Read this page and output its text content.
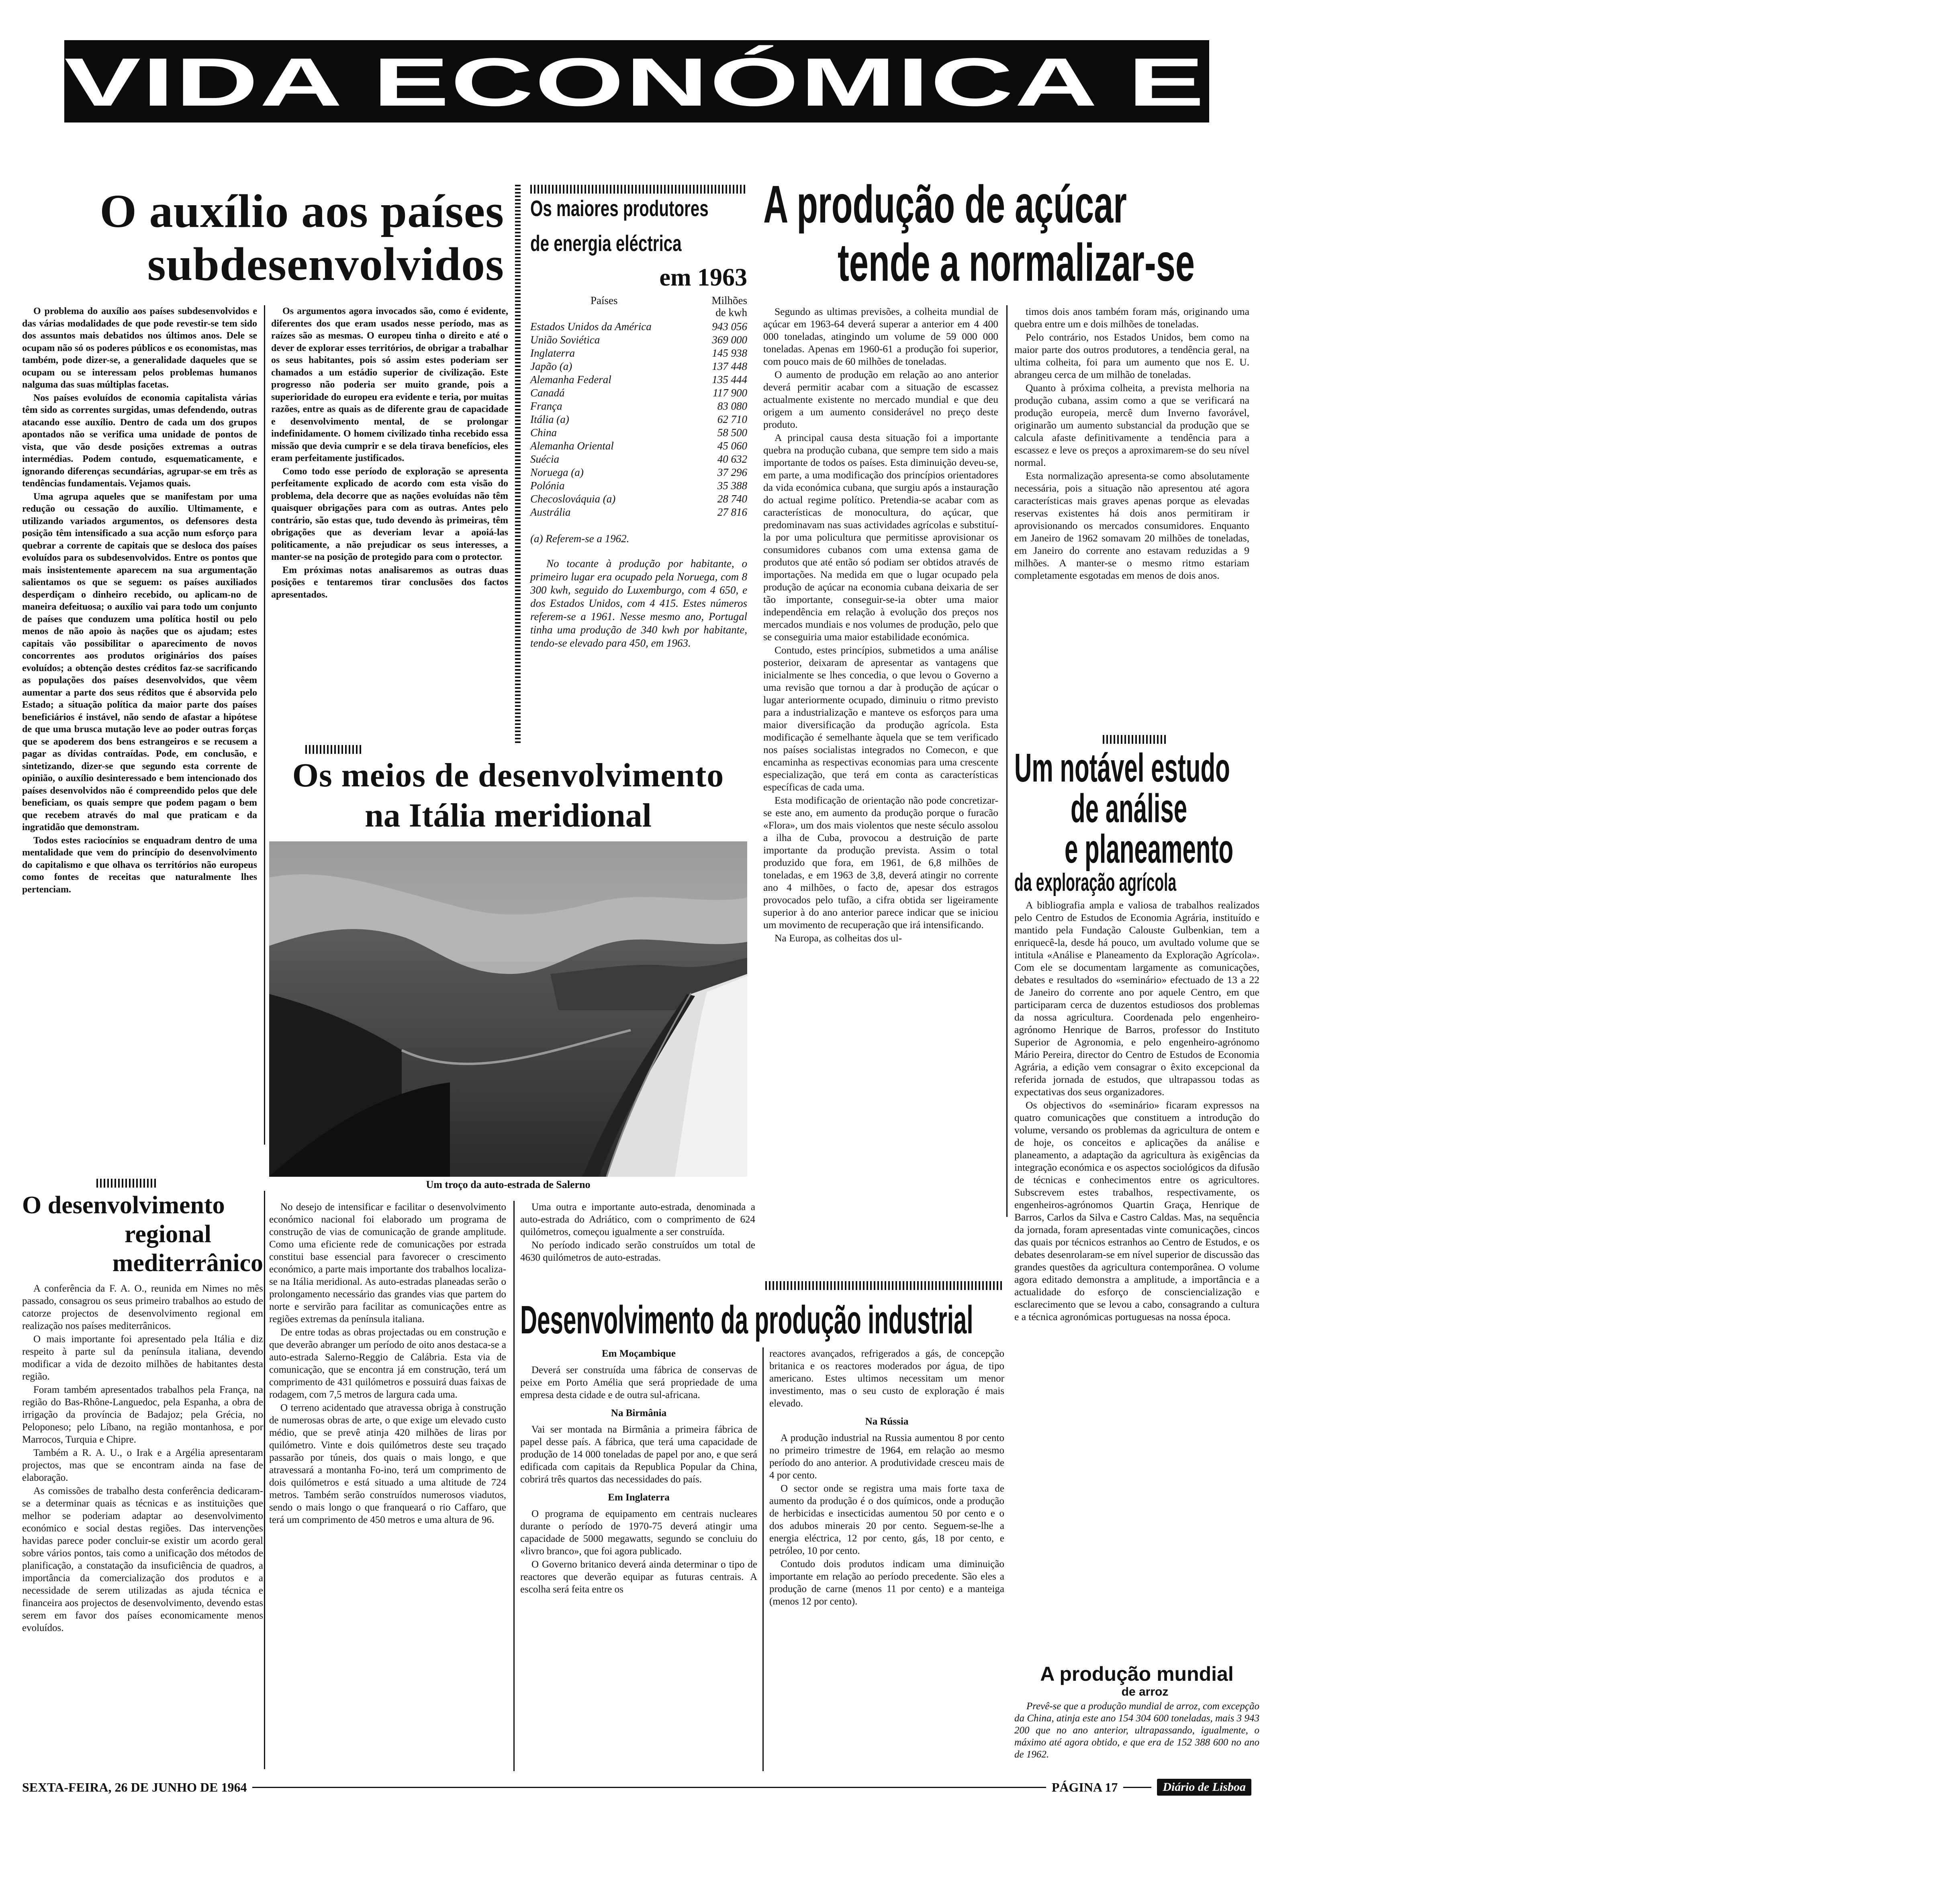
VIDA ECONÓMICA E FINANCEIRA
O auxílio aos países subdesenvolvidos

O problema do auxílio aos países subdesenvolvidos e das várias modalidades de que pode revestir-se tem sido dos assuntos mais debatidos nos últimos anos. Dele se ocupam não só os poderes públicos e os economistas, mas também, pode dizer-se, a generalidade daqueles que se ocupam ou se interessam pelos problemas humanos nalguma das suas múltiplas facetas.

Nos países evoluídos de economia capitalista várias têm sido as correntes surgidas, umas defendendo, outras atacando esse auxílio. Dentro de cada um dos grupos apontados não se verifica uma unidade de pontos de vista, que vão desde posições extremas a outras intermédias. Podem contudo, esquematicamente, e ignorando diferenças secundárias, agrupar-se em três as tendências fundamentais. Vejamos quais.

Uma agrupa aqueles que se manifestam por uma redução ou cessação do auxílio. Ultimamente, e utilizando variados argumentos, os defensores desta posição têm intensificado a sua acção num esforço para quebrar a corrente de capitais que se desloca dos países evoluídos para os subdesenvolvidos. Entre os pontos que mais insistentemente aparecem na sua argumentação salientamos os que se seguem: os países auxiliados desperdiçam o dinheiro recebido, ou aplicam-no de maneira defeituosa; o auxílio vai para todo um conjunto de países que conduzem uma política hostil ou pelo menos de não apoio às nações que os ajudam; estes capitais vão possibilitar o aparecimento de novos concorrentes aos produtos originários dos países evoluídos; a obtenção destes créditos faz-se sacrificando as populações dos países desenvolvidos, que vêem aumentar a parte dos seus réditos que é absorvida pelo Estado; a situação política da maior parte dos países beneficiários é instável, não sendo de afastar a hipótese de que uma brusca mutação leve ao poder outras forças que se apoderem dos bens estrangeiros e se recusem a pagar as dívidas contraídas. Pode, em conclusão, e sintetizando, dizer-se que segundo esta corrente de opinião, o auxílio desinteressado e bem intencionado dos países desenvolvidos não é compreendido pelos que dele beneficiam, os quais sempre que podem pagam o bem que recebem através do mal que praticam e da ingratidão que demonstram.

Todos estes raciocínios se enquadram dentro de uma mentalidade que vem do princípio do desenvolvimento do capitalismo e que olhava os territórios não europeus como fontes de receitas que naturalmente lhes pertenciam.

Os argumentos agora invocados são, como é evidente, diferentes dos que eram usados nesse período, mas as raízes são as mesmas. O europeu tinha o direito e até o dever de explorar esses territórios, de obrigar a trabalhar os seus habitantes, pois só assim estes poderiam ser chamados a um estádio superior de civilização. Este progresso não poderia ser muito grande, pois a superioridade do europeu era evidente e teria, por muitas razões, entre as quais as de diferente grau de capacidade e desenvolvimento mental, de se prolongar indefinidamente. O homem civilizado tinha recebido essa missão que devia cumprir e se dela tirava benefícios, eles eram perfeitamente justificados.

Como todo esse período de exploração se apresenta perfeitamente explicado de acordo com esta visão do problema, dela decorre que as nações evoluídas não têm quaisquer obrigações para com as outras. Antes pelo contrário, são estas que, tudo devendo às primeiras, têm obrigações que as deveriam levar a apoiá-las politicamente, a não prejudicar os seus interesses, a manter-se na posição de protegido para com o protector.

Em próximas notas analisaremos as outras duas posições e tentaremos tirar conclusões dos factos apresentados.

Os maiores produtores
de energia eléctrica
em 1963
Países	Milhões de kwh
Estados Unidos da América	943 056
União Soviética	369 000
Inglaterra	145 938
Japão (a)	137 448
Alemanha Federal	135 444
Canadá	117 900
França	83 080
Itália (a)	62 710
China	58 500
Alemanha Oriental	45 060
Suécia	40 632
Noruega (a)	37 296
Polónia	35 388
Checoslováquia (a)	28 740
Austrália	27 816
(a) Referem-se a 1962.
No tocante à produção por habitante, o primeiro lugar era ocupado pela Noruega, com 8 300 kwh, seguido do Luxemburgo, com 4 650, e dos Estados Unidos, com 4 415. Estes números referem-se a 1961. Nesse mesmo ano, Portugal tinha uma produção de 340 kwh por habitante, tendo-se elevado para 450, em 1963.
A produção de açúcar
tende a normalizar-se

Segundo as ultimas previsões, a colheita mundial de açúcar em 1963-64 deverá superar a anterior em 4 400 000 toneladas, atingindo um volume de 59 000 000 toneladas. Apenas em 1960-61 a produção foi superior, com pouco mais de 60 milhões de toneladas.

O aumento de produção em relação ao ano anterior deverá permitir acabar com a situação de escassez actualmente existente no mercado mundial e que deu origem a um aumento considerável no preço deste produto.

A principal causa desta situação foi a importante quebra na produção cubana, que sempre tem sido a mais importante de todos os países. Esta diminuição deveu-se, em parte, a uma modificação dos princípios orientadores da vida económica cubana, que surgiu após a instauração do actual regime político. Pretendia-se acabar com as características de monocultura, do açúcar, que predominavam nas suas actividades agrícolas e substituí-la por uma policultura que permitisse aprovisionar os consumidores cubanos com uma extensa gama de produtos que até então só podiam ser obtidos através de importações. Na medida em que o lugar ocupado pela produção de açúcar na economia cubana deixaria de ser tão importante, conseguir-se-ia obter uma maior independência em relação à evolução dos preços nos mercados mundiais e nos volumes de produção, pelo que se conseguiria uma maior estabilidade económica.

Contudo, estes princípios, submetidos a uma análise posterior, deixaram de apresentar as vantagens que inicialmente se lhes concedia, o que levou o Governo a uma revisão que tornou a dar à produção de açúcar o lugar anteriormente ocupado, diminuiu o ritmo previsto para a industrialização e manteve os esforços para uma maior diversificação da produção agrícola. Esta modificação é semelhante àquela que se tem verificado nos países socialistas integrados no Comecon, e que encaminha as respectivas economias para uma crescente especialização, que terá em conta as características específicas de cada uma.

Esta modificação de orientação não pode concretizar-se este ano, em aumento da produção porque o furacão «Flora», um dos mais violentos que neste século assolou a ilha de Cuba, provocou a destruição de parte importante da produção prevista. Assim o total produzido que fora, em 1961, de 6,8 milhões de toneladas, e em 1963 de 3,8, deverá atingir no corrente ano 4 milhões, o facto de, apesar dos estragos provocados pelo tufão, a cifra obtida ser ligeiramente superior à do ano anterior parece indicar que se iniciou um movimento de recuperação que irá intensificando.

Na Europa, as colheitas dos ul-

timos dois anos também foram más, originando uma quebra entre um e dois milhões de toneladas.

Pelo contrário, nos Estados Unidos, bem como na maior parte dos outros produtores, a tendência geral, na ultima colheita, foi para um aumento que nos E. U. abrangeu cerca de um milhão de toneladas.

Quanto à próxima colheita, a prevista melhoria na produção cubana, assim como a que se verificará na produção europeia, mercê dum Inverno favorável, originarão um aumento substancial da produção que se calcula afaste definitivamente a tendência para a escassez e leve os preços a aproximarem-se do seu nível normal.

Esta normalização apresenta-se como absolutamente necessária, pois a situação não apresentou até agora características mais graves apenas porque as elevadas reservas existentes há dois anos permitiram ir aprovisionando os mercados consumidores. Enquanto em Janeiro de 1962 somavam 20 milhões de toneladas, em Janeiro do corrente ano estavam reduzidas a 9 milhões. A manter-se o mesmo ritmo estariam completamente esgotadas em menos de dois anos.

Os meios de desenvolvimento
na Itália meridional
Um troço da auto-estrada de Salerno

No desejo de intensificar e facilitar o desenvolvimento económico nacional foi elaborado um programa de construção de vias de comunicação de grande amplitude. Como uma eficiente rede de comunicações por estrada constitui base essencial para favorecer o crescimento económico, a parte mais importante dos trabalhos localiza-se na Itália meridional. As auto-estradas planeadas serão o prolongamento necessário das grandes vias que partem do norte e servirão para facilitar as comunicações entre as regiões extremas da península italiana.

De entre todas as obras projectadas ou em construção e que deverão abranger um período de oito anos destaca-se a auto-estrada Salerno-Reggio de Calábria. Esta via de comunicação, que se encontra já em construção, terá um comprimento de 431 quilómetros e possuirá duas faixas de rodagem, com 7,5 metros de largura cada uma.

O terreno acidentado que atravessa obriga à construção de numerosas obras de arte, o que exige um elevado custo médio, que se prevê atinja 420 milhões de liras por quilómetro. Vinte e dois quilómetros deste seu traçado passarão por túneis, dos quais o mais longo, e que atravessará a montanha Fo-ino, terá um comprimento de dois quilómetros e está situado a uma altitude de 724 metros. Também serão construídos numerosos viadutos, sendo o mais longo o que franqueará o rio Caffaro, que terá um comprimento de 450 metros e uma altura de 96.

Uma outra e importante auto-estrada, denominada a auto-estrada do Adriático, com o comprimento de 624 quilómetros, começou igualmente a ser construída.

No período indicado serão construídos um total de 4630 quilómetros de auto-estradas.

O desenvolvimento
regional
mediterrânico

A conferência da F. A. O., reunida em Nimes no mês passado, consagrou os seus primeiro trabalhos ao estudo de catorze projectos de desenvolvimento regional em realização nos países mediterrânicos.

O mais importante foi apresentado pela Itália e diz respeito à parte sul da península italiana, devendo modificar a vida de dezoito milhões de habitantes desta região.

Foram também apresentados trabalhos pela França, na região do Bas-Rhône-Languedoc, pela Espanha, a obra de irrigação da província de Badajoz; pela Grécia, no Peloponeso; pelo Líbano, na região montanhosa, e por Marrocos, Turquia e Chipre.

Também a R. A. U., o Irak e a Argélia apresentaram projectos, mas que se encontram ainda na fase de elaboração.

As comissões de trabalho desta conferência dedicaram-se a determinar quais as técnicas e as instituições que melhor se poderiam adaptar ao desenvolvimento económico e social destas regiões. Das intervenções havidas parece poder concluir-se existir um acordo geral sobre vários pontos, tais como a unificação dos métodos de planificação, a constatação da insuficiência de quadros, a importância da comercialização dos produtos e a necessidade de serem utilizadas as ajuda técnica e financeira aos projectos de desenvolvimento, devendo estas serem em favor dos países economicamente menos evoluídos.

Desenvolvimento da produção industrial
Em Moçambique

Deverá ser construída uma fábrica de conservas de peixe em Porto Amélia que será propriedade de uma empresa desta cidade e de outra sul-africana.

Na Birmânia

Vai ser montada na Birmânia a primeira fábrica de papel desse país. A fábrica, que terá uma capacidade de produção de 14 000 toneladas de papel por ano, e que será edificada com capitais da Republica Popular da China, cobrirá três quartos das necessidades do país.

Em Inglaterra

O programa de equipamento em centrais nucleares durante o período de 1970-75 deverá atingir uma capacidade de 5000 megawatts, segundo se concluiu do «livro branco», que foi agora publicado.

O Governo britanico deverá ainda determinar o tipo de reactores que deverão equipar as futuras centrais. A escolha será feita entre os

reactores avançados, refrigerados a gás, de concepção britanica e os reactores moderados por água, de tipo americano. Estes ultimos necessitam um menor investimento, mas o seu custo de exploração é mais elevado.

Na Rússia

A produção industrial na Russia aumentou 8 por cento no primeiro trimestre de 1964, em relação ao mesmo período do ano anterior. A produtividade cresceu mais de 4 por cento.

O sector onde se registra uma mais forte taxa de aumento da produção é o dos químicos, onde a produção de herbicidas e insecticidas aumentou 50 por cento e o dos adubos minerais 20 por cento. Seguem-se-lhe a energia eléctrica, 12 por cento, gás, 18 por cento, e petróleo, 10 por cento.

Contudo dois produtos indicam uma diminuição importante em relação ao período precedente. São eles a produção de carne (menos 11 por cento) e a manteiga (menos 12 por cento).

Um notável estudo
de análise
e planeamento
da exploração agrícola

A bibliografia ampla e valiosa de trabalhos realizados pelo Centro de Estudos de Economia Agrária, instituído e mantido pela Fundação Calouste Gulbenkian, tem a enriquecê-la, desde há pouco, um avultado volume que se intitula «Análise e Planeamento da Exploração Agrícola». Com ele se documentam largamente as comunicações, debates e resultados do «seminário» efectuado de 13 a 22 de Janeiro do corrente ano por aquele Centro, em que participaram cerca de duzentos estudiosos dos problemas da nossa agricultura. Coordenada pelo engenheiro-agrónomo Henrique de Barros, professor do Instituto Superior de Agronomia, e pelo engenheiro-agrónomo Mário Pereira, director do Centro de Estudos de Economia Agrária, a edição vem consagrar o êxito excepcional da referida jornada de estudos, que ultrapassou todas as expectativas dos seus organizadores.

Os objectivos do «seminário» ficaram expressos na quatro comunicações que constituem a introdução do volume, versando os problemas da agricultura de ontem e de hoje, os conceitos e aplicações da análise e planeamento, a adaptação da agricultura às exigências da integração económica e os aspectos sociológicos da difusão de técnicas e conhecimentos entre os agricultores. Subscrevem estes trabalhos, respectivamente, os engenheiros-agrónomos Quartin Graça, Henrique de Barros, Carlos da Silva e Castro Caldas. Mas, na sequência da jornada, foram apresentadas vinte comunicações, cincos das quais por técnicos estranhos ao Centro de Estudos, e os debates desenrolaram-se em nível superior de discussão das grandes questões da agricultura contemporânea. O volume agora editado demonstra a amplitude, a importância e a actualidade do esforço de consciencialização e esclarecimento que se levou a cabo, consagrando a cultura e a técnica agronómicas portuguesas na nossa época.

A produção mundial
de arroz
Prevê-se que a produção mundial de arroz, com excepção da China, atinja este ano 154 304 600 toneladas, mais 3 943 200 que no ano anterior, ultrapassando, igualmente, o máximo até agora obtido, e que era de 152 388 600 no ano de 1962.
SEXTA-FEIRA, 26 DE JUNHO DE 1964	PÁGINA 17	Diário de Lisboa
